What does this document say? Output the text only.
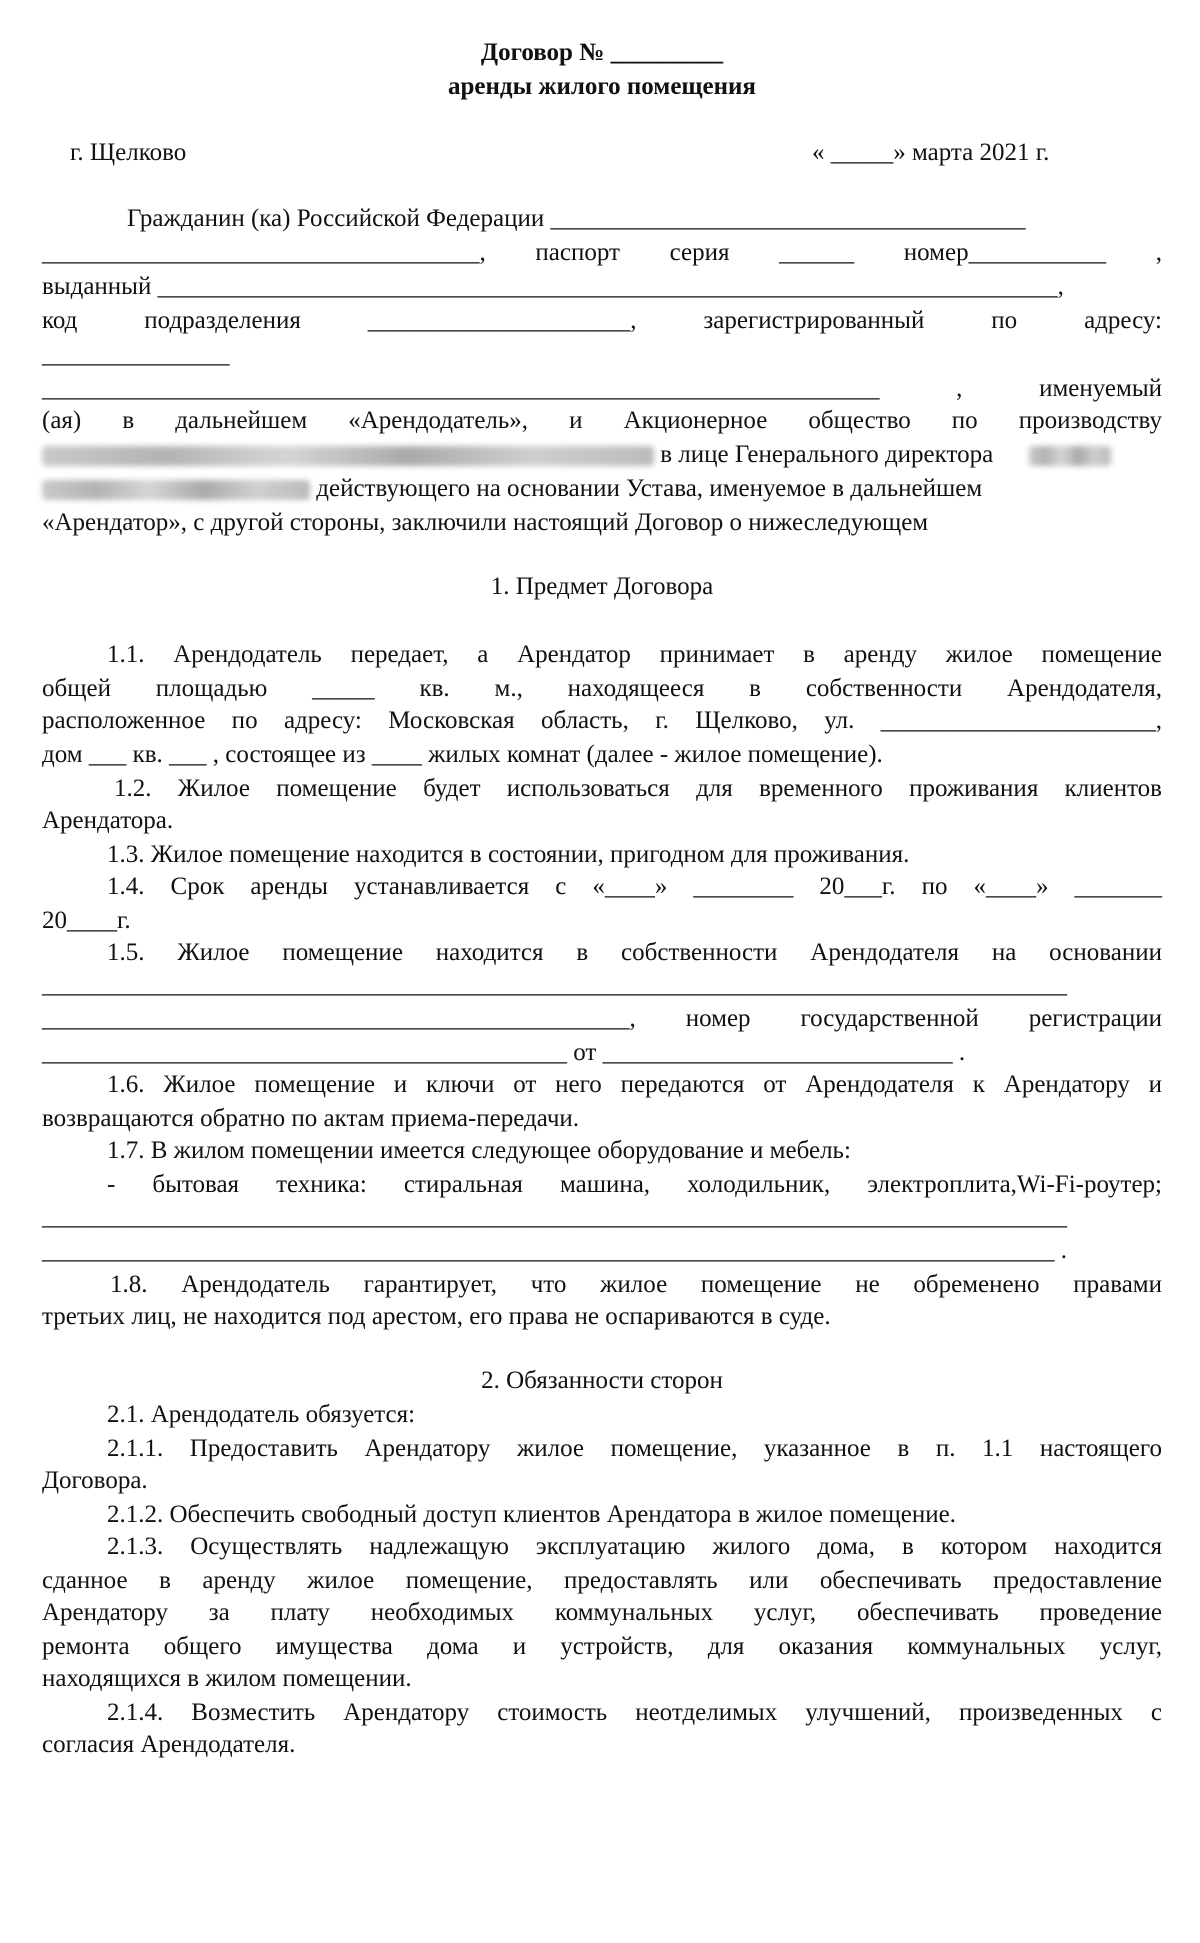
Договор № _________
аренды жилого помещения
г. Щелково	« _____» марта 2021 г.
Гражданин (ка) Российской Федерации ______________________________________
___________________________________, паспорт серия ______ номер___________ ,
выданный ________________________________________________________________________,
код подразделения _____________________, зарегистрированный по адресу:
_______________
___________________________________________________________________ , именуемый
(ая) в дальнейшем «Арендодатель», и Акционерное общество по производству
в лице Генерального директора
действующего на основании Устава, именуемое в дальнейшем
«Арендатор», с другой стороны, заключили настоящий Договор о нижеследующем
1. Предмет Договора
1.1. Арендодатель передает, а Арендатор принимает в аренду жилое помещение
общей площадью _____ кв. м., находящееся в собственности Арендодателя,
расположенное по адресу: Московская область, г. Щелково, ул. ______________________,
дом ___ кв. ___ , состоящее из ____ жилых комнат (далее - жилое помещение).
1.2. Жилое помещение будет использоваться для временного проживания клиентов
Арендатора.
1.3. Жилое помещение находится в состоянии, пригодном для проживания.
1.4. Срок аренды устанавливается с «____» ________ 20___г. по «____» _______
20____г.
1.5. Жилое помещение находится в собственности Арендодателя на основании
__________________________________________________________________________________
_______________________________________________, номер государственной регистрации
__________________________________________ от ____________________________ .
1.6. Жилое помещение и ключи от него передаются от Арендодателя к Арендатору и
возвращаются обратно по актам приема-передачи.
1.7. В жилом помещении имеется следующее оборудование и мебель:
- бытовая техника: стиральная машина, холодильник, электроплита,Wi-Fi-роутер;
__________________________________________________________________________________
_________________________________________________________________________________ .
1.8. Арендодатель гарантирует, что жилое помещение не обременено правами
третьих лиц, не находится под арестом, его права не оспариваются в суде.
2. Обязанности сторон
2.1. Арендодатель обязуется:
2.1.1. Предоставить Арендатору жилое помещение, указанное в п. 1.1 настоящего
Договора.
2.1.2. Обеспечить свободный доступ клиентов Арендатора в жилое помещение.
2.1.3. Осуществлять надлежащую эксплуатацию жилого дома, в котором находится
сданное в аренду жилое помещение, предоставлять или обеспечивать предоставление
Арендатору за плату необходимых коммунальных услуг, обеспечивать проведение
ремонта общего имущества дома и устройств, для оказания коммунальных услуг,
находящихся в жилом помещении.
2.1.4. Возместить Арендатору стоимость неотделимых улучшений, произведенных с
согласия Арендодателя.
